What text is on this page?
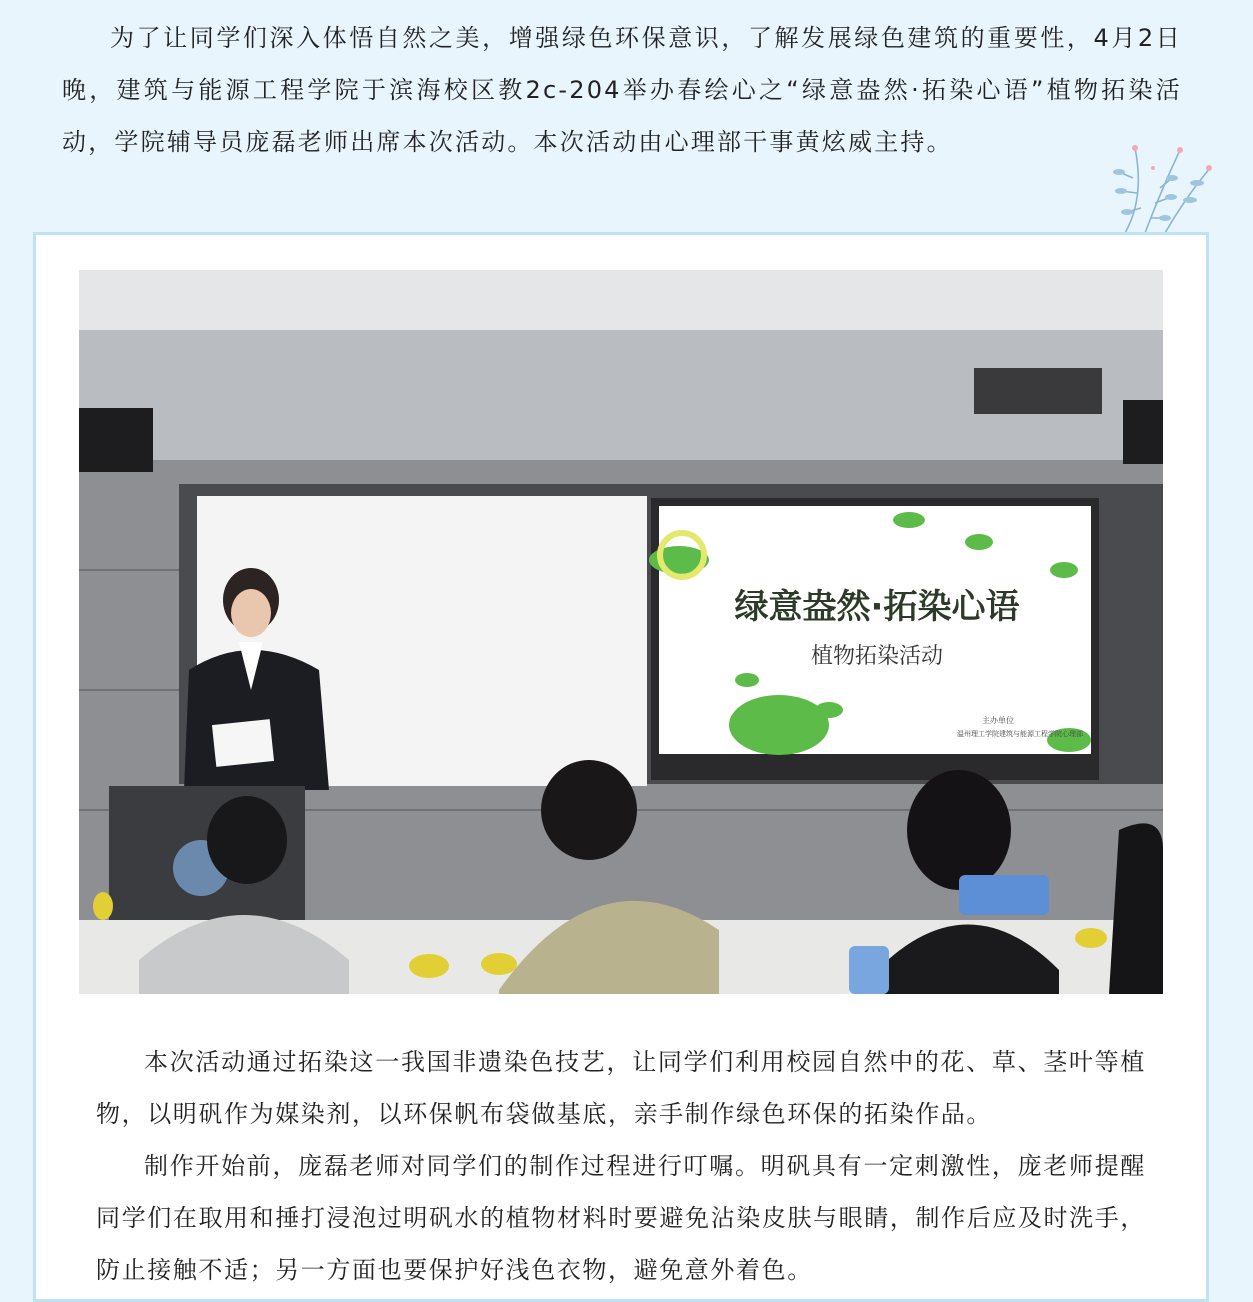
为了让同学们深入体悟自然之美，增强绿色环保意识，了解发展绿色建筑的重要性，4月2日晚，建筑与能源工程学院于滨海校区教2c-204举办春绘心之“绿意盎然·拓染心语”植物拓染活动，学院辅导员庞磊老师出席本次活动。本次活动由心理部干事黄炫威主持。

绿意盎然·拓染心语
植物拓染活动
主办单位
温州理工学院建筑与能源工程学院心理部

本次活动通过拓染这一我国非遗染色技艺，让同学们利用校园自然中的花、草、茎叶等植物，以明矾作为媒染剂，以环保帆布袋做基底，亲手制作绿色环保的拓染作品。

制作开始前，庞磊老师对同学们的制作过程进行叮嘱。明矾具有一定刺激性，庞老师提醒同学们在取用和捶打浸泡过明矾水的植物材料时要避免沾染皮肤与眼睛，制作后应及时洗手，防止接触不适；另一方面也要保护好浅色衣物，避免意外着色。
